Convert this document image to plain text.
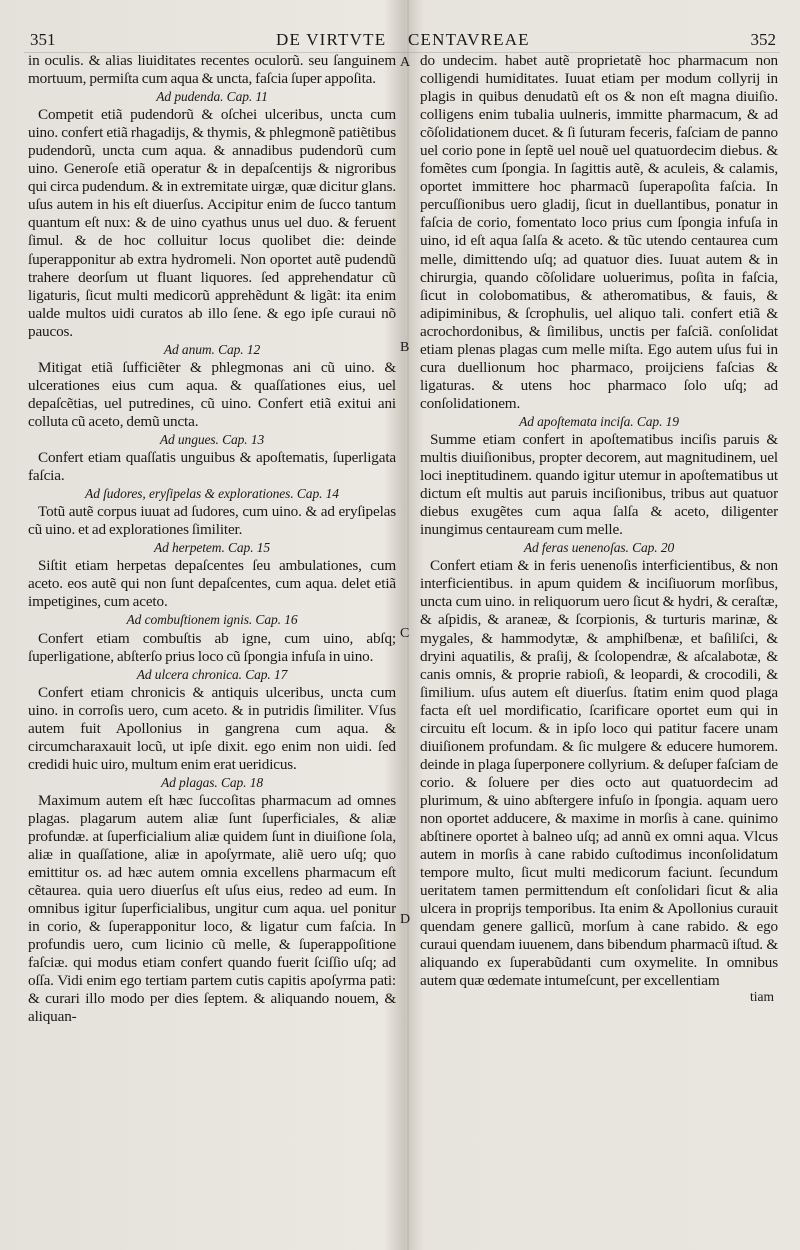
351	DE VIRTVTE CENTAVREAE	352
A
B
C
D

in oculis. & alias liuiditates recentes oculorũ. seu ſanguinem mortuum, permiſta cum aqua & uncta, faſcia ſuper appoſita.

Ad pudenda. Cap. 11

Competit etiã pudendorũ & oſchei ulceribus, uncta cum uino. confert etiã rhagadijs, & thymis, & phlegmonẽ patiẽtibus pudendorũ, uncta cum aqua. & annadibus pudendorũ cum uino. Generoſe etiã operatur & in depaſcentijs & nigroribus qui circa pudendum. & in extremitate uirgæ, quæ dicitur glans. uſus autem in his eſt diuerſus. Accipitur enim de ſucco tantum quantum eſt nux: & de uino cyathus unus uel duo. & feruent ſimul. & de hoc colluitur locus quolibet die: deinde ſuperapponitur ab extra hydromeli. Non oportet autẽ pudendũ trahere deorſum ut fluant liquores. ſed apprehendatur cũ ligaturis, ſicut multi medicorũ apprehẽdunt & ligãt: ita enim ualde multos uidi curatos ab illo ſene. & ego ipſe curaui nõ paucos.

Ad anum. Cap. 12

Mitigat etiã ſufficiẽter & phlegmonas ani cũ uino. & ulcerationes eius cum aqua. & quaſſationes eius, uel depaſcẽtias, uel putredines, cũ uino. Confert etiã exitui ani colluta cũ aceto, demũ uncta.

Ad ungues. Cap. 13

Confert etiam quaſſatis unguibus & apoſtematis, ſuperligata faſcia.

Ad ſudores, eryſipelas & explorationes. Cap. 14

Totũ autẽ corpus iuuat ad ſudores, cum uino. & ad eryſipelas cũ uino. et ad explorationes ſimiliter.

Ad herpetem. Cap. 15

Siſtit etiam herpetas depaſcentes ſeu ambulationes, cum aceto. eos autẽ qui non ſunt depaſcentes, cum aqua. delet etiã impetigines, cum aceto.

Ad combuſtionem ignis. Cap. 16

Confert etiam combuſtis ab igne, cum uino, abſq; ſuperligatione, abſterſo prius loco cũ ſpongia infuſa in uino.

Ad ulcera chronica. Cap. 17

Confert etiam chronicis & antiquis ulceribus, uncta cum uino. in corroſis uero, cum aceto. & in putridis ſimiliter. Vſus autem fuit Apollonius in gangrena cum aqua. & circumcharaxauit locũ, ut ipſe dixit. ego enim non uidi. ſed credidi huic uiro, multum enim erat ueridicus.

Ad plagas. Cap. 18

Maximum autem eſt hæc ſuccoſitas pharmacum ad omnes plagas. plagarum autem aliæ ſunt ſuperficiales, & aliæ profundæ. at ſuperficialium aliæ quidem ſunt in diuiſione ſola, aliæ in quaſſatione, aliæ in apoſyrmate, aliẽ uero uſq; quo emittitur os. ad hæc autem omnia excellens pharmacum eſt cẽtaurea. quia uero diuerſus eſt uſus eius, redeo ad eum. In omnibus igitur ſuperficialibus, ungitur cum aqua. uel ponitur in corio, & ſuperapponitur loco, & ligatur cum faſcia. In profundis uero, cum licinio cũ melle, & ſuperappoſitione faſciæ. qui modus etiam confert quando fuerit ſciſſio uſq; ad oſſa. Vidi enim ego tertiam partem cutis capitis apoſyrma pati: & curari illo modo per dies ſeptem. & aliquando nouem, & aliquan-

do undecim. habet autẽ proprietatẽ hoc pharmacum non colligendi humiditates. Iuuat etiam per modum collyrij in plagis in quibus denudatũ eſt os & non eſt magna diuiſio. colligens enim tubalia uulneris, immitte pharmacum, & ad cõſolidationem ducet. & ſi ſuturam feceris, faſciam de panno uel corio pone in ſeptẽ uel nouẽ uel quatuordecim diebus. & fomẽtes cum ſpongia. In ſagittis autẽ, & aculeis, & calamis, oportet immittere hoc pharmacũ ſuperapoſita faſcia. In percuſſionibus uero gladij, ſicut in duellantibus, ponatur in faſcia de corio, fomentato loco prius cum ſpongia infuſa in uino, id eſt aqua ſalſa & aceto. & tũc utendo centaurea cum melle, dimittendo uſq; ad quatuor dies. Iuuat autem & in chirurgia, quando cõſolidare uoluerimus, poſita in faſcia, ſicut in colobomatibus, & atheromatibus, & fauis, & adipiminibus, & ſcrophulis, uel aliquo tali. confert etiã & acrochordonibus, & ſimilibus, unctis per faſciã. conſolidat etiam plenas plagas cum melle miſta. Ego autem uſus fui in cura duellionum hoc pharmaco, proijciens faſcias & ligaturas. & utens hoc pharmaco ſolo uſq; ad conſolidationem.

Ad apoſtemata inciſa. Cap. 19

Summe etiam confert in apoſtematibus inciſis paruis & multis diuiſionibus, propter decorem, aut magnitudinem, uel loci ineptitudinem. quando igitur utemur in apoſtematibus ut dictum eſt multis aut paruis inciſionibus, tribus aut quatuor diebus exugẽtes cum aqua ſalſa & aceto, diligenter inungimus centauream cum melle.

Ad feras uenenoſas. Cap. 20

Confert etiam & in feris uenenoſis interficientibus, & non interficientibus. in apum quidem & inciſiuorum morſibus, uncta cum uino. in reliquorum uero ſicut & hydri, & ceraſtæ, & aſpidis, & araneæ, & ſcorpionis, & turturis marinæ, & mygales, & hammodytæ, & amphiſbenæ, et baſiliſci, & dryini aquatilis, & praſij, & ſcolopendræ, & aſcalabotæ, & canis omnis, & proprie rabioſi, & leopardi, & crocodili, & ſimilium. uſus autem eſt diuerſus. ſtatim enim quod plaga facta eſt uel mordificatio, ſcarificare oportet eum qui in circuitu eſt locum. & in ipſo loco qui patitur facere unam diuiſionem profundam. & ſic mulgere & educere humorem. deinde in plaga ſuperponere collyrium. & deſuper faſciam de corio. & ſoluere per dies octo aut quatuordecim ad plurimum, & uino abſtergere infuſo in ſpongia. aquam uero non oportet adducere, & maxime in morſis à cane. quinimo abſtinere oportet à balneo uſq; ad annũ ex omni aqua. Vlcus autem in morſis à cane rabido cuſtodimus inconſolidatum tempore multo, ſicut multi medicorum faciunt. ſecundum ueritatem tamen permittendum eſt conſolidari ſicut & alia ulcera in proprijs temporibus. Ita enim & Apollonius curauit quendam genere gallicũ, morſum à cane rabido. & ego curaui quendam iuuenem, dans bibendum pharmacũ iſtud. & aliquando ex ſuperabũdanti cum oxymelite. In omnibus autem quæ œdemate intumeſcunt, per excellentiam

tiam
